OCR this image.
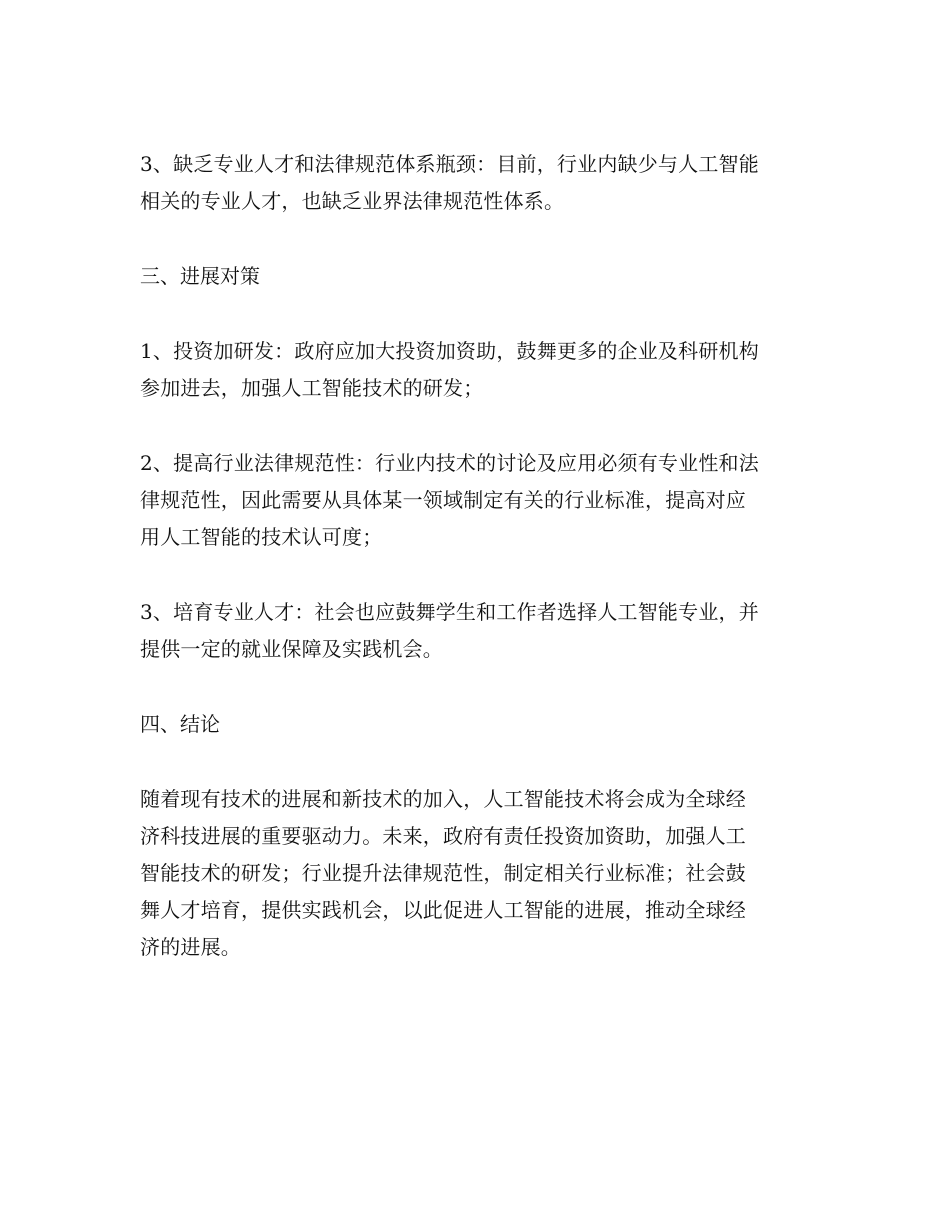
3、缺乏专业人才和法律规范体系瓶颈：目前，行业内缺少与人工智能
相关的专业人才，也缺乏业界法律规范性体系。

三、进展对策

1、投资加研发：政府应加大投资加资助，鼓舞更多的企业及科研机构
参加进去，加强人工智能技术的研发；

2、提高行业法律规范性：行业内技术的讨论及应用必须有专业性和法
律规范性，因此需要从具体某一领域制定有关的行业标准，提高对应
用人工智能的技术认可度；

3、培育专业人才：社会也应鼓舞学生和工作者选择人工智能专业，并
提供一定的就业保障及实践机会。

四、结论

随着现有技术的进展和新技术的加入，人工智能技术将会成为全球经
济科技进展的重要驱动力。未来，政府有责任投资加资助，加强人工
智能技术的研发；行业提升法律规范性，制定相关行业标准；社会鼓
舞人才培育，提供实践机会，以此促进人工智能的进展，推动全球经
济的进展。
